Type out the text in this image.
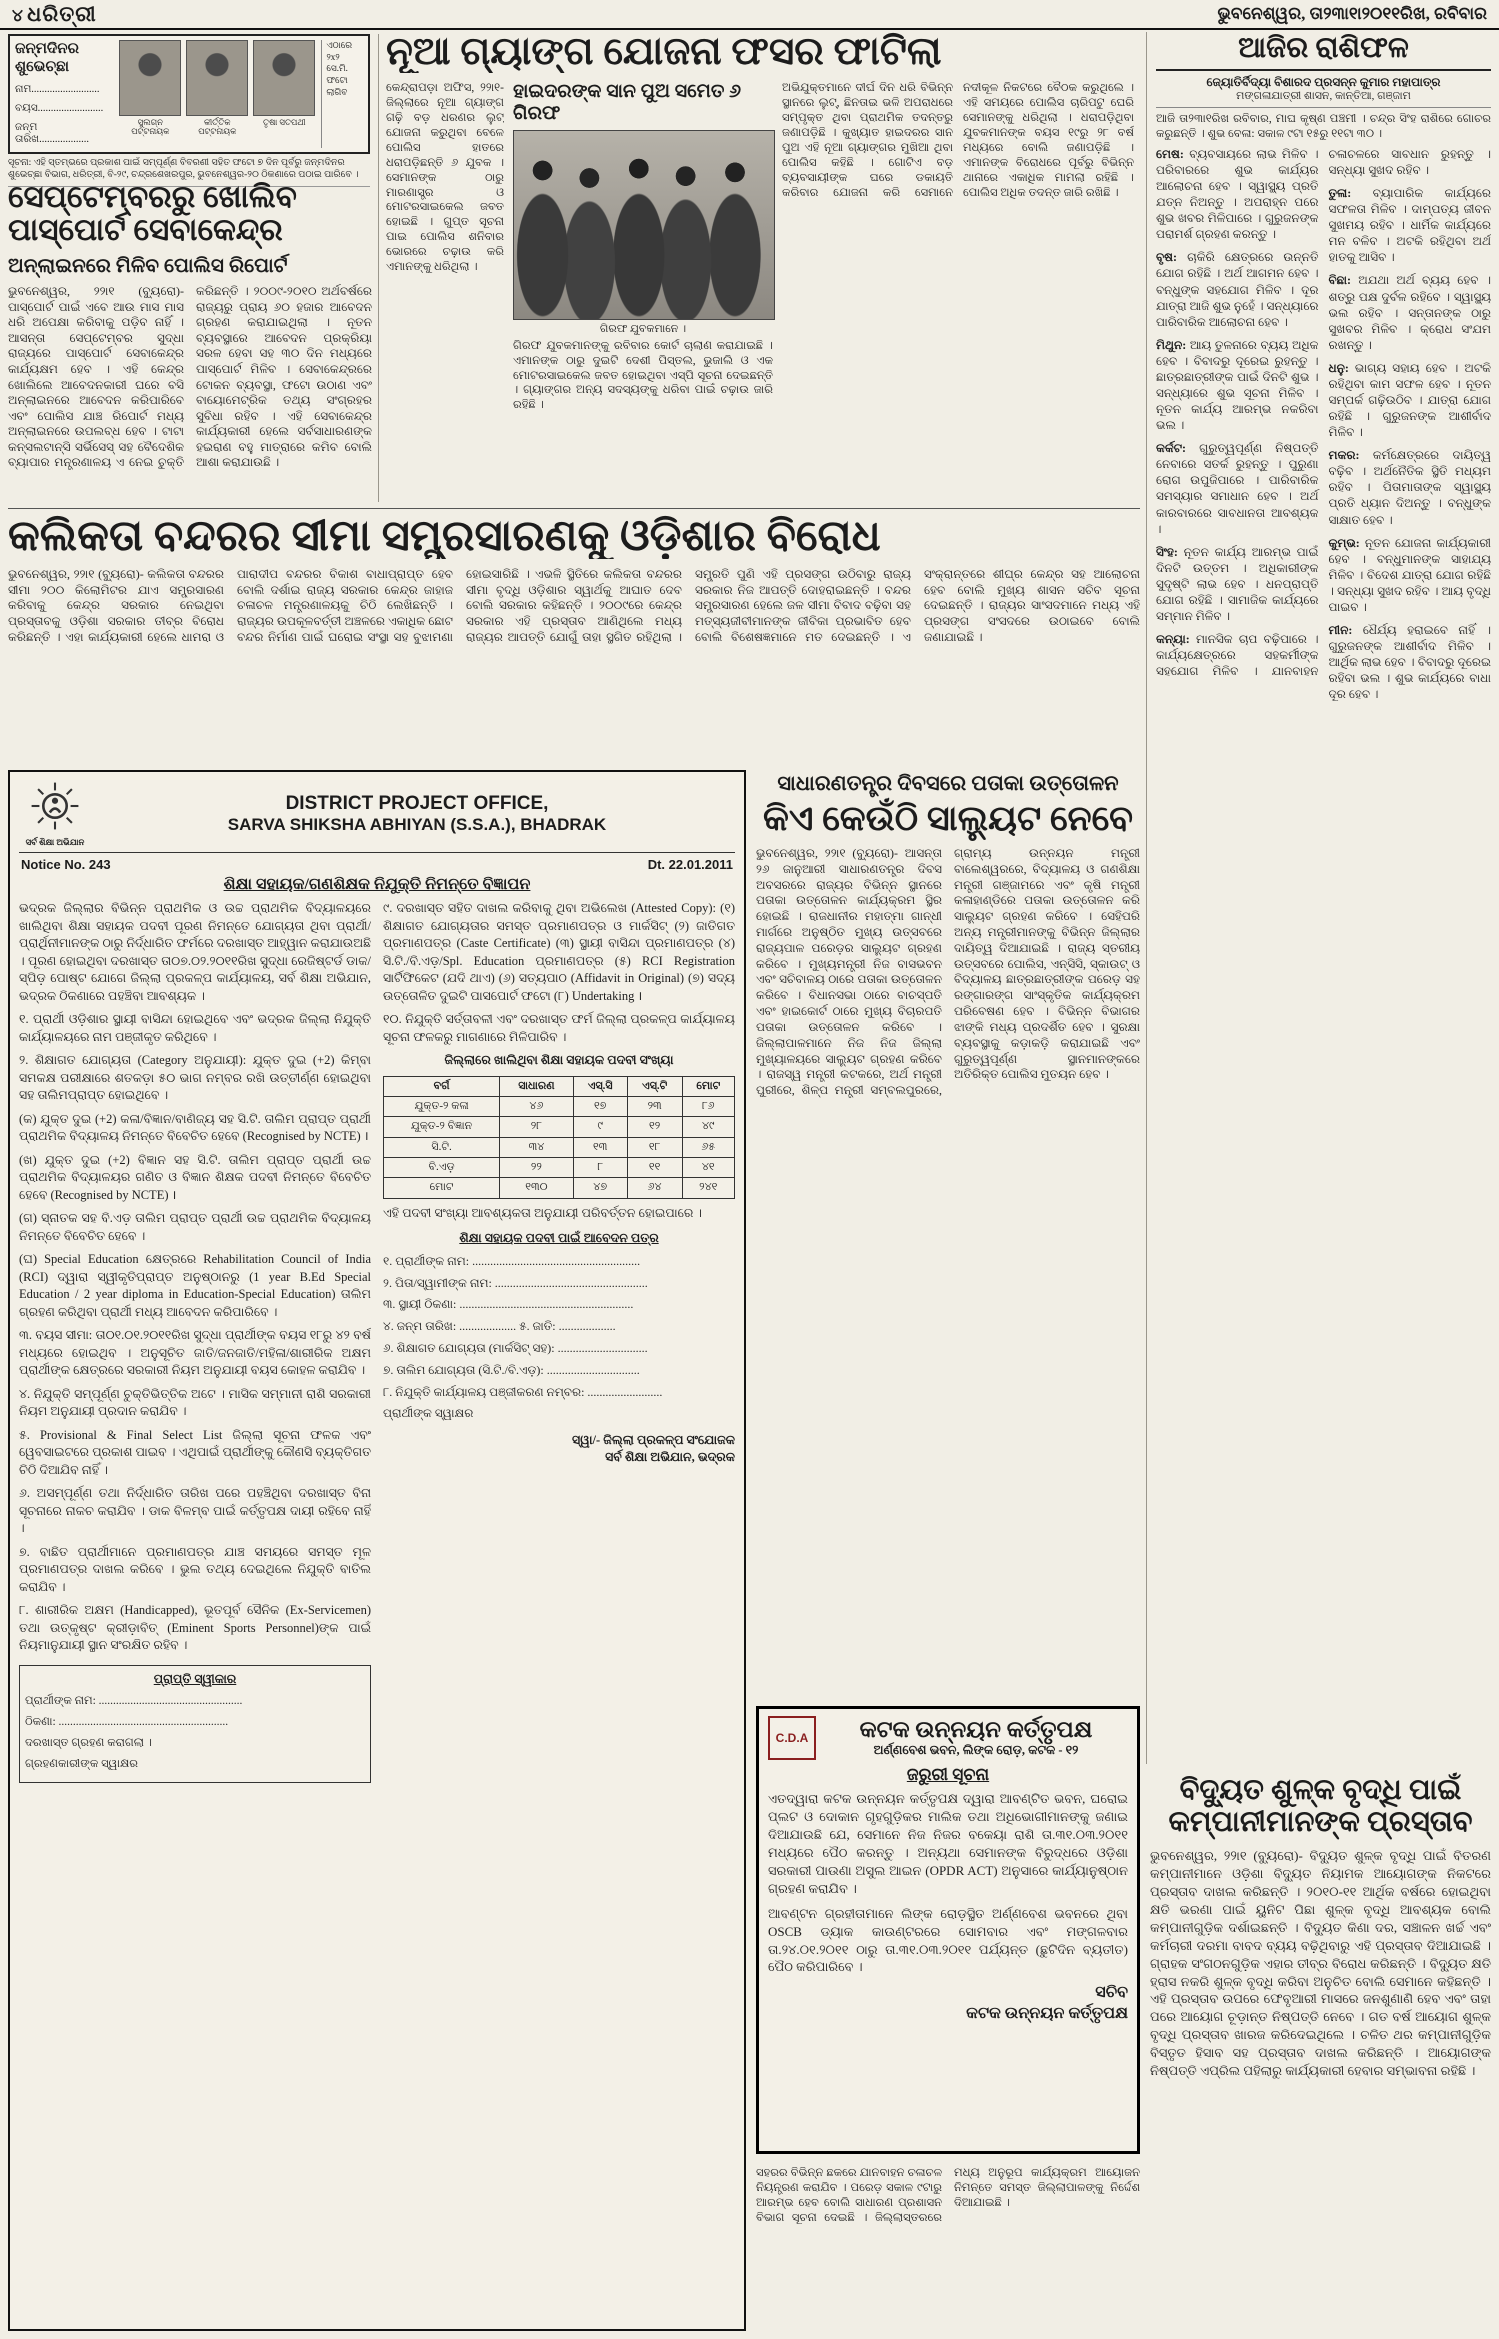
୪ ଧରିତ୍ରୀ	ଭୁବନେଶ୍ୱର, ତା୨୩ା୧ା୨୦୧୧ରିଖ, ରବିବାର
ଜନ୍ମଦିନର ଶୁଭେଚ୍ଛା
ନାମ..........................
ବୟସ.........................
ଜନ୍ମ ତାରିଖ...................
ସୁଲଗ୍ନ ପଟ୍ଟନାୟକ
କୀର୍ତ୍ତିକ ପଟ୍ଟନାୟକ
ତୃଷା ସତପଥୀ
ଏଠାରେ ୨x୨ ସେ.ମି. ଫଟୋ ଲାଗିବ
ସୂଚନା: ଏହି ସ୍ତମ୍ଭରେ ପ୍ରକାଶ ପାଇଁ ସମ୍ପୂର୍ଣ୍ଣ ବିବରଣୀ ସହିତ ଫଟୋ ୭ ଦିନ ପୂର୍ବରୁ ଜନ୍ମଦିନର ଶୁଭେଚ୍ଛା ବିଭାଗ, ଧରିତ୍ରୀ, ବି-୨୯, ଚନ୍ଦ୍ରଶେଖରପୁର, ଭୁବନେଶ୍ୱର-୨୦ ଠିକଣାରେ ପଠାଇ ପାରିବେ ।
ସେପ୍ଟେମ୍ବରରୁ ଖୋଲିବ ପାସ୍‌ପୋର୍ଟ ସେବାକେନ୍ଦ୍ର
ଅନ୍‌ଲାଇନରେ ମିଳିବ ପୋଲିସ ରିପୋର୍ଟ
ଭୁବନେଶ୍ୱର, ୨୨ା୧ (ବ୍ୟୁରୋ)- ପାସ୍‌ପୋର୍ଟ ପାଇଁ ଏବେ ଆଉ ମାସ ମାସ ଧରି ଅପେକ୍ଷା କରିବାକୁ ପଡ଼ିବ ନାହିଁ । ଆସନ୍ତା ସେପ୍ଟେମ୍ବର ସୁଦ୍ଧା ରାଜ୍ୟରେ ପାସ୍‌ପୋର୍ଟ ସେବାକେନ୍ଦ୍ର କାର୍ଯ୍ୟକ୍ଷମ ହେବ । ଏହି କେନ୍ଦ୍ର ଖୋଲିଲେ ଆବେଦନକାରୀ ଘରେ ବସି ଅନ୍‌ଲାଇନରେ ଆବେଦନ କରିପାରିବେ ଏବଂ ପୋଲିସ ଯାଞ୍ଚ ରିପୋର୍ଟ ମଧ୍ୟ ଅନ୍‌ଲାଇନରେ ଉପଲବ୍ଧ ହେବ । ଟାଟା କନ୍‌ସଲଟାନ୍ସି ସର୍ଭିସେସ୍ ସହ ବୈଦେଶିକ ବ୍ୟାପାର ମନ୍ତ୍ରଣାଳୟ ଏ ନେଇ ଚୁକ୍ତି କରିଛନ୍ତି । ୨୦୦୯-୨୦୧୦ ଅର୍ଥବର୍ଷରେ ରାଜ୍ୟରୁ ପ୍ରାୟ ୬୦ ହଜାର ଆବେଦନ ଗ୍ରହଣ କରାଯାଇଥିଲା । ନୂତନ ବ୍ୟବସ୍ଥାରେ ଆବେଦନ ପ୍ରକ୍ରିୟା ସରଳ ହେବା ସହ ୩୦ ଦିନ ମଧ୍ୟରେ ପାସ୍‌ପୋର୍ଟ ମିଳିବ । ସେବାକେନ୍ଦ୍ରରେ ଟୋକନ ବ୍ୟବସ୍ଥା, ଫଟୋ ଉଠାଣ ଏବଂ ବାୟୋମେଟ୍ରିକ ତଥ୍ୟ ସଂଗ୍ରହର ସୁବିଧା ରହିବ । ଏହି ସେବାକେନ୍ଦ୍ର କାର୍ଯ୍ୟକାରୀ ହେଲେ ସର୍ବସାଧାରଣଙ୍କ ହଇରାଣ ବହୁ ମାତ୍ରାରେ କମିବ ବୋଲି ଆଶା କରାଯାଉଛି ।
ନୂଆ ଗ୍ୟାଙ୍ଗ ଯୋଜନା ଫସର ଫାଟିଲା
କେନ୍ଦ୍ରାପଡ଼ା ଅଫିସ, ୨୨ା୧- ଜିଲ୍ଲାରେ ନୂଆ ଗ୍ୟାଙ୍ଗ ଗଢ଼ି ବଡ଼ ଧରଣର ଲୁଟ୍ ଯୋଜନା କରୁଥିବା ବେଳେ ପୋଲିସ ହାତରେ ଧରାପଡ଼ିଛନ୍ତି ୬ ଯୁବକ । ସେମାନଙ୍କ ଠାରୁ ମାରଣାସ୍ତ୍ର ଓ ମୋଟରସାଇକେଲ ଜବତ ହୋଇଛି । ଗୁପ୍ତ ସୂଚନା ପାଇ ପୋଲିସ ଶନିବାର ଭୋରରେ ଚଢ଼ାଉ କରି ଏମାନଙ୍କୁ ଧରିଥିଲା ।
ହାଇଦରଙ୍କ ସାନ ପୁଅ ସମେତ ୬ ଗିରଫ
ଗିରଫ ଯୁବକମାନେ ।
ଗିରଫ ଯୁବକମାନଙ୍କୁ ରବିବାର କୋର୍ଟ ଚାଲାଣ କରାଯାଇଛି । ଏମାନଙ୍କ ଠାରୁ ଦୁଇଟି ଦେଶୀ ପିସ୍ତଲ, ଭୁଜାଲି ଓ ଏକ ମୋଟରସାଇକେଲ ଜବତ ହୋଇଥିବା ଏସ୍‌ପି ସୂଚନା ଦେଇଛନ୍ତି । ଗ୍ୟାଙ୍ଗର ଅନ୍ୟ ସଦସ୍ୟଙ୍କୁ ଧରିବା ପାଇଁ ଚଢ଼ାଉ ଜାରି ରହିଛି ।
ଅଭିଯୁକ୍ତମାନେ ଦୀର୍ଘ ଦିନ ଧରି ବିଭିନ୍ନ ସ୍ଥାନରେ ଲୁଟ୍, ଛିନତାଇ ଭଳି ଅପରାଧରେ ସମ୍ପୃକ୍ତ ଥିବା ପ୍ରାଥମିକ ତଦନ୍ତରୁ ଜଣାପଡ଼ିଛି । କୁଖ୍ୟାତ ହାଇଦରର ସାନ ପୁଅ ଏହି ନୂଆ ଗ୍ୟାଙ୍ଗର ମୁଖିଆ ଥିବା ପୋଲିସ କହିଛି । ଗୋଟିଏ ବଡ଼ ବ୍ୟବସାୟୀଙ୍କ ଘରେ ଡକାୟତି କରିବାର ଯୋଜନା କରି ସେମାନେ ନଦୀକୂଳ ନିକଟରେ ବୈଠକ କରୁଥିଲେ । ଏହି ସମୟରେ ପୋଲିସ ଚାରିପଟୁ ଘେରି ସେମାନଙ୍କୁ ଧରିଥିଲା । ଧରାପଡ଼ିଥିବା ଯୁବକମାନଙ୍କ ବୟସ ୧୯ରୁ ୨୮ ବର୍ଷ ମଧ୍ୟରେ ବୋଲି ଜଣାପଡ଼ିଛି । ଏମାନଙ୍କ ବିରୋଧରେ ପୂର୍ବରୁ ବିଭିନ୍ନ ଥାନାରେ ଏକାଧିକ ମାମଲା ରହିଛି । ପୋଲିସ ଅଧିକ ତଦନ୍ତ ଜାରି ରଖିଛି ।
ଆଜିର ରାଶିଫଳ
ଜ୍ୟୋତିର୍ବିଦ୍ୟା ବିଶାରଦ ପ୍ରସନ୍ନ କୁମାର ମହାପାତ୍ର
ମଙ୍ଗଳାଯାତ୍ରୀ ଶାସନ, କାନ୍ତିଆ, ଗଞ୍ଜାମ
ଆଜି ତା୨୩ା୧ରିଖ ରବିବାର, ମାଘ କୃଷ୍ଣ ପଞ୍ଚମୀ । ଚନ୍ଦ୍ର ସିଂହ ରାଶିରେ ଗୋଚର କରୁଛନ୍ତି । ଶୁଭ ବେଳା: ସକାଳ ୯ଟା ୧୫ରୁ ୧୧ଟା ୩୦ ।

ମେଷ: ବ୍ୟବସାୟରେ ଲାଭ ମିଳିବ । ପରିବାରରେ ଶୁଭ କାର୍ଯ୍ୟର ଆଲୋଚନା ହେବ । ସ୍ୱାସ୍ଥ୍ୟ ପ୍ରତି ଯତ୍ନ ନିଅନ୍ତୁ । ଅପରାହ୍ନ ପରେ ଶୁଭ ଖବର ମିଳିପାରେ । ଗୁରୁଜନଙ୍କ ପରାମର୍ଶ ଗ୍ରହଣ କରନ୍ତୁ ।

ବୃଷ: ଚାକିରି କ୍ଷେତ୍ରରେ ଉନ୍ନତି ଯୋଗ ରହିଛି । ଅର୍ଥ ଆଗମନ ହେବ । ବନ୍ଧୁଙ୍କ ସହଯୋଗ ମିଳିବ । ଦୂର ଯାତ୍ରା ଆଜି ଶୁଭ ନୁହେଁ । ସନ୍ଧ୍ୟାରେ ପାରିବାରିକ ଆଲୋଚନା ହେବ ।

ମିଥୁନ: ଆୟ ତୁଳନାରେ ବ୍ୟୟ ଅଧିକ ହେବ । ବିବାଦରୁ ଦୂରେଇ ରୁହନ୍ତୁ । ଛାତ୍ରଛାତ୍ରୀଙ୍କ ପାଇଁ ଦିନଟି ଶୁଭ । ସନ୍ଧ୍ୟାରେ ଶୁଭ ସୂଚନା ମିଳିବ । ନୂତନ କାର୍ଯ୍ୟ ଆରମ୍ଭ ନକରିବା ଭଲ ।

କର୍କଟ: ଗୁରୁତ୍ୱପୂର୍ଣ୍ଣ ନିଷ୍ପତ୍ତି ନେବାରେ ସତର୍କ ରୁହନ୍ତୁ । ପୁରୁଣା ରୋଗ ଉପୁଜିପାରେ । ପାରିବାରିକ ସମସ୍ୟାର ସମାଧାନ ହେବ । ଅର୍ଥ କାରବାରରେ ସାବଧାନତା ଆବଶ୍ୟକ ।

ସିଂହ: ନୂତନ କାର୍ଯ୍ୟ ଆରମ୍ଭ ପାଇଁ ଦିନଟି ଉତ୍ତମ । ଅଧିକାରୀଙ୍କ ସୁଦୃଷ୍ଟି ଲାଭ ହେବ । ଧନପ୍ରାପ୍ତି ଯୋଗ ରହିଛି । ସାମାଜିକ କାର୍ଯ୍ୟରେ ସମ୍ମାନ ମିଳିବ ।

କନ୍ୟା: ମାନସିକ ଚାପ ବଢ଼ିପାରେ । କାର୍ଯ୍ୟକ୍ଷେତ୍ରରେ ସହକର୍ମୀଙ୍କ ସହଯୋଗ ମିଳିବ । ଯାନବାହନ ଚଳାଚଳରେ ସାବଧାନ ରୁହନ୍ତୁ । ସନ୍ଧ୍ୟା ସୁଖଦ ରହିବ ।

ତୁଳା: ବ୍ୟାପାରିକ କାର୍ଯ୍ୟରେ ସଫଳତା ମିଳିବ । ଦାମ୍ପତ୍ୟ ଜୀବନ ସୁଖମୟ ରହିବ । ଧାର୍ମିକ କାର୍ଯ୍ୟରେ ମନ ବଳିବ । ଅଟକି ରହିଥିବା ଅର୍ଥ ହାତକୁ ଆସିବ ।

ବିଛା: ଅଯଥା ଅର୍ଥ ବ୍ୟୟ ହେବ । ଶତ୍ରୁ ପକ୍ଷ ଦୁର୍ବଳ ରହିବେ । ସ୍ୱାସ୍ଥ୍ୟ ଭଲ ରହିବ । ସନ୍ତାନଙ୍କ ଠାରୁ ସୁଖବର ମିଳିବ । କ୍ରୋଧ ସଂଯମ ରଖନ୍ତୁ ।

ଧନୁ: ଭାଗ୍ୟ ସହାୟ ହେବ । ଅଟକି ରହିଥିବା କାମ ସଫଳ ହେବ । ନୂତନ ସମ୍ପର୍କ ଗଢ଼ିଉଠିବ । ଯାତ୍ରା ଯୋଗ ରହିଛି । ଗୁରୁଜନଙ୍କ ଆଶୀର୍ବାଦ ମିଳିବ ।

ମକର: କର୍ମକ୍ଷେତ୍ରରେ ଦାୟିତ୍ୱ ବଢ଼ିବ । ଅର୍ଥନୈତିକ ସ୍ଥିତି ମଧ୍ୟମ ରହିବ । ପିତାମାତାଙ୍କ ସ୍ୱାସ୍ଥ୍ୟ ପ୍ରତି ଧ୍ୟାନ ଦିଅନ୍ତୁ । ବନ୍ଧୁଙ୍କ ସାକ୍ଷାତ ହେବ ।

କୁମ୍ଭ: ନୂତନ ଯୋଜନା କାର୍ଯ୍ୟକାରୀ ହେବ । ବନ୍ଧୁମାନଙ୍କ ସାହାଯ୍ୟ ମିଳିବ । ବିଦେଶ ଯାତ୍ରା ଯୋଗ ରହିଛି । ସନ୍ଧ୍ୟା ସୁଖଦ ରହିବ । ଆୟ ବୃଦ୍ଧି ପାଇବ ।

ମୀନ: ଧୈର୍ଯ୍ୟ ହରାଇବେ ନାହିଁ । ଗୁରୁଜନଙ୍କ ଆଶୀର୍ବାଦ ମିଳିବ । ଆର୍ଥିକ ଲାଭ ହେବ । ବିବାଦରୁ ଦୂରେଇ ରହିବା ଭଲ । ଶୁଭ କାର୍ଯ୍ୟରେ ବାଧା ଦୂର ହେବ ।

କଲିକତା ବନ୍ଦରର ସୀମା ସମ୍ପ୍ରସାରଣକୁ ଓଡ଼ିଶାର ବିରୋଧ
ଭୁବନେଶ୍ୱର, ୨୨ା୧ (ବ୍ୟୁରୋ)- କଲିକତା ବନ୍ଦରର ସୀମା ୨୦୦ କିଲୋମିଟର ଯାଏ ସମ୍ପ୍ରସାରଣ କରିବାକୁ କେନ୍ଦ୍ର ସରକାର ନେଇଥିବା ପ୍ରସ୍ତାବକୁ ଓଡ଼ିଶା ସରକାର ତୀବ୍ର ବିରୋଧ କରିଛନ୍ତି । ଏହା କାର୍ଯ୍ୟକାରୀ ହେଲେ ଧାମରା ଓ ପାରାଦୀପ ବନ୍ଦରର ବିକାଶ ବାଧାପ୍ରାପ୍ତ ହେବ ବୋଲି ଦର୍ଶାଇ ରାଜ୍ୟ ସରକାର କେନ୍ଦ୍ର ଜାହାଜ ଚଳାଚଳ ମନ୍ତ୍ରଣାଳୟକୁ ଚିଠି ଲେଖିଛନ୍ତି । ରାଜ୍ୟର ଉପକୂଳବର୍ତ୍ତୀ ଅଞ୍ଚଳରେ ଏକାଧିକ ଛୋଟ ବନ୍ଦର ନିର୍ମାଣ ପାଇଁ ଘରୋଇ ସଂସ୍ଥା ସହ ବୁଝାମଣା ହୋଇସାରିଛି । ଏଭଳି ସ୍ଥିତିରେ କଲିକତା ବନ୍ଦରର ସୀମା ବୃଦ୍ଧି ଓଡ଼ିଶାର ସ୍ୱାର୍ଥକୁ ଆଘାତ ଦେବ ବୋଲି ସରକାର କହିଛନ୍ତି । ୨୦୦୯ରେ କେନ୍ଦ୍ର ସରକାର ଏହି ପ୍ରସ୍ତାବ ଆଣିଥିଲେ ମଧ୍ୟ ରାଜ୍ୟର ଆପତ୍ତି ଯୋଗୁଁ ତାହା ସ୍ଥଗିତ ରହିଥିଲା । ସମ୍ପ୍ରତି ପୁଣି ଏହି ପ୍ରସଙ୍ଗ ଉଠିବାରୁ ରାଜ୍ୟ ସରକାର ନିଜ ଆପତ୍ତି ଦୋହରାଇଛନ୍ତି । ବନ୍ଦର ସମ୍ପ୍ରସାରଣ ହେଲେ ଜଳ ସୀମା ବିବାଦ ବଢ଼ିବା ସହ ମତ୍ସ୍ୟଜୀବୀମାନଙ୍କ ଜୀବିକା ପ୍ରଭାବିତ ହେବ ବୋଲି ବିଶେଷଜ୍ଞମାନେ ମତ ଦେଇଛନ୍ତି । ଏ ସଂକ୍ରାନ୍ତରେ ଶୀଘ୍ର କେନ୍ଦ୍ର ସହ ଆଲୋଚନା ହେବ ବୋଲି ମୁଖ୍ୟ ଶାସନ ସଚିବ ସୂଚନା ଦେଇଛନ୍ତି । ରାଜ୍ୟର ସାଂସଦମାନେ ମଧ୍ୟ ଏହି ପ୍ରସଙ୍ଗ ସଂସଦରେ ଉଠାଇବେ ବୋଲି ଜଣାଯାଇଛି ।
ସର୍ବ ଶିକ୍ଷା ଅଭିଯାନ
DISTRICT PROJECT OFFICE,
SARVA SHIKSHA ABHIYAN (S.S.A.), BHADRAK
Notice No. 243	Dt. 22.01.2011
ଶିକ୍ଷା ସହାୟକ/ଗଣଶିକ୍ଷକ ନିଯୁକ୍ତି ନିମନ୍ତେ ବିଜ୍ଞାପନ

ଭଦ୍ରକ ଜିଲ୍ଲାର ବିଭିନ୍ନ ପ୍ରାଥମିକ ଓ ଉଚ୍ଚ ପ୍ରାଥମିକ ବିଦ୍ୟାଳୟରେ ଖାଲିଥିବା ଶିକ୍ଷା ସହାୟକ ପଦବୀ ପୂରଣ ନିମନ୍ତେ ଯୋଗ୍ୟତା ଥିବା ପ୍ରାର୍ଥୀ/ପ୍ରାର୍ଥିନୀମାନଙ୍କ ଠାରୁ ନିର୍ଦ୍ଧାରିତ ଫର୍ମରେ ଦରଖାସ୍ତ ଆହ୍ୱାନ କରାଯାଉଅଛି । ପୂରଣ ହୋଇଥିବା ଦରଖାସ୍ତ ତା୦୭.୦୨.୨୦୧୧ରିଖ ସୁଦ୍ଧା ରେଜିଷ୍ଟର୍ଡ ଡାକ/ସ୍ପିଡ଼ ପୋଷ୍ଟ ଯୋଗେ ଜିଲ୍ଲା ପ୍ରକଳ୍ପ କାର୍ଯ୍ୟାଳୟ, ସର୍ବ ଶିକ୍ଷା ଅଭିଯାନ, ଭଦ୍ରକ ଠିକଣାରେ ପହଞ୍ଚିବା ଆବଶ୍ୟକ ।

୧. ପ୍ରାର୍ଥୀ ଓଡ଼ିଶାର ସ୍ଥାୟୀ ବାସିନ୍ଦା ହୋଇଥିବେ ଏବଂ ଭଦ୍ରକ ଜିଲ୍ଲା ନିଯୁକ୍ତି କାର୍ଯ୍ୟାଳୟରେ ନାମ ପଞ୍ଜୀକୃତ କରିଥିବେ ।

୨. ଶିକ୍ଷାଗତ ଯୋଗ୍ୟତା (Category ଅନୁଯାୟୀ): ଯୁକ୍ତ ଦୁଇ (+2) କିମ୍ବା ସମକକ୍ଷ ପରୀକ୍ଷାରେ ଶତକଡ଼ା ୫୦ ଭାଗ ନମ୍ବର ରଖି ଉତ୍ତୀର୍ଣ୍ଣ ହୋଇଥିବା ସହ ତାଲିମପ୍ରାପ୍ତ ହୋଇଥିବେ ।

(କ) ଯୁକ୍ତ ଦୁଇ (+2) କଳା/ବିଜ୍ଞାନ/ବାଣିଜ୍ୟ ସହ ସି.ଟି. ତାଲିମ ପ୍ରାପ୍ତ ପ୍ରାର୍ଥୀ ପ୍ରାଥମିକ ବିଦ୍ୟାଳୟ ନିମନ୍ତେ ବିବେଚିତ ହେବେ (Recognised by NCTE) ।

(ଖ) ଯୁକ୍ତ ଦୁଇ (+2) ବିଜ୍ଞାନ ସହ ସି.ଟି. ତାଲିମ ପ୍ରାପ୍ତ ପ୍ରାର୍ଥୀ ଉଚ୍ଚ ପ୍ରାଥମିକ ବିଦ୍ୟାଳୟର ଗଣିତ ଓ ବିଜ୍ଞାନ ଶିକ୍ଷକ ପଦବୀ ନିମନ୍ତେ ବିବେଚିତ ହେବେ (Recognised by NCTE) ।

(ଗ) ସ୍ନାତକ ସହ ବି.ଏଡ଼ ତାଲିମ ପ୍ରାପ୍ତ ପ୍ରାର୍ଥୀ ଉଚ୍ଚ ପ୍ରାଥମିକ ବିଦ୍ୟାଳୟ ନିମନ୍ତେ ବିବେଚିତ ହେବେ ।

(ଘ) Special Education କ୍ଷେତ୍ରରେ Rehabilitation Council of India (RCI) ଦ୍ୱାରା ସ୍ୱୀକୃତିପ୍ରାପ୍ତ ଅନୁଷ୍ଠାନରୁ (1 year B.Ed Special Education / 2 year diploma in Education-Special Education) ତାଲିମ ଗ୍ରହଣ କରିଥିବା ପ୍ରାର୍ଥୀ ମଧ୍ୟ ଆବେଦନ କରିପାରିବେ ।

୩. ବୟସ ସୀମା: ତା୦୧.୦୧.୨୦୧୧ରିଖ ସୁଦ୍ଧା ପ୍ରାର୍ଥୀଙ୍କ ବୟସ ୧୮ରୁ ୪୨ ବର୍ଷ ମଧ୍ୟରେ ହୋଇଥିବ । ଅନୁସୂଚିତ ଜାତି/ଜନଜାତି/ମହିଳା/ଶାରୀରିକ ଅକ୍ଷମ ପ୍ରାର୍ଥୀଙ୍କ କ୍ଷେତ୍ରରେ ସରକାରୀ ନିୟମ ଅନୁଯାୟୀ ବୟସ କୋହଳ କରାଯିବ ।

୪. ନିଯୁକ୍ତି ସମ୍ପୂର୍ଣ୍ଣ ଚୁକ୍ତିଭିତ୍ତିକ ଅଟେ । ମାସିକ ସମ୍ମାନୀ ରାଶି ସରକାରୀ ନିୟମ ଅନୁଯାୟୀ ପ୍ରଦାନ କରାଯିବ ।

୫. Provisional & Final Select List ଜିଲ୍ଲା ସୂଚନା ଫଳକ ଏବଂ ୱେବସାଇଟରେ ପ୍ରକାଶ ପାଇବ । ଏଥିପାଇଁ ପ୍ରାର୍ଥୀଙ୍କୁ କୌଣସି ବ୍ୟକ୍ତିଗତ ଚିଠି ଦିଆଯିବ ନାହିଁ ।

୬. ଅସମ୍ପୂର୍ଣ୍ଣ ତଥା ନିର୍ଦ୍ଧାରିତ ତାରିଖ ପରେ ପହଞ୍ଚିଥିବା ଦରଖାସ୍ତ ବିନା ସୂଚନାରେ ନାକଚ କରାଯିବ । ଡାକ ବିଳମ୍ବ ପାଇଁ କର୍ତ୍ତୃପକ୍ଷ ଦାୟୀ ରହିବେ ନାହିଁ ।

୭. ବାଛିତ ପ୍ରାର୍ଥୀମାନେ ପ୍ରମାଣପତ୍ର ଯାଞ୍ଚ ସମୟରେ ସମସ୍ତ ମୂଳ ପ୍ରମାଣପତ୍ର ଦାଖଲ କରିବେ । ଭୁଲ ତଥ୍ୟ ଦେଇଥିଲେ ନିଯୁକ୍ତି ବାତିଲ କରାଯିବ ।

୮. ଶାରୀରିକ ଅକ୍ଷମ (Handicapped), ଭୂତପୂର୍ବ ସୈନିକ (Ex-Servicemen) ତଥା ଉତ୍କୃଷ୍ଟ କ୍ରୀଡ଼ାବିତ୍ (Eminent Sports Personnel)ଙ୍କ ପାଇଁ ନିୟମାନୁଯାୟୀ ସ୍ଥାନ ସଂରକ୍ଷିତ ରହିବ ।

ପ୍ରାପ୍ତି ସ୍ୱୀକାର
ପ୍ରାର୍ଥୀଙ୍କ ନାମ: ..................................................
ଠିକଣା: ...........................................................
ଦରଖାସ୍ତ ଗ୍ରହଣ କରାଗଲା ।
ଗ୍ରହଣକାରୀଙ୍କ ସ୍ୱାକ୍ଷର

୯. ଦରଖାସ୍ତ ସହିତ ଦାଖଲ କରିବାକୁ ଥିବା ଅଭିଲେଖ (Attested Copy): (୧) ଶିକ୍ଷାଗତ ଯୋଗ୍ୟତାର ସମସ୍ତ ପ୍ରମାଣପତ୍ର ଓ ମାର୍କସିଟ୍ (୨) ଜାତିଗତ ପ୍ରମାଣପତ୍ର (Caste Certificate) (୩) ସ୍ଥାୟୀ ବାସିନ୍ଦା ପ୍ରମାଣପତ୍ର (୪) ସି.ଟି./ବି.ଏଡ଼/Spl. Education ପ୍ରମାଣପତ୍ର (୫) RCI Registration ସାର୍ଟିଫିକେଟ (ଯଦି ଥାଏ) (୬) ସତ୍ୟପାଠ (Affidavit in Original) (୭) ସଦ୍ୟ ଉତ୍ତୋଳିତ ଦୁଇଟି ପାସପୋର୍ଟ ଫଟୋ (୮) Undertaking ।

୧୦. ନିଯୁକ୍ତି ସର୍ତ୍ତାବଳୀ ଏବଂ ଦରଖାସ୍ତ ଫର୍ମ ଜିଲ୍ଲା ପ୍ରକଳ୍ପ କାର୍ଯ୍ୟାଳୟ ସୂଚନା ଫଳକରୁ ମାଗଣାରେ ମିଳିପାରିବ ।

ଜିଲ୍ଲାରେ ଖାଲିଥିବା ଶିକ୍ଷା ସହାୟକ ପଦବୀ ସଂଖ୍ୟା
ବର୍ଗ	ସାଧାରଣ	ଏସ୍.ସି	ଏସ୍.ଟି	ମୋଟ
ଯୁକ୍ତ-୨ କଳା	୪୬	୧୭	୨୩	୮୬
ଯୁକ୍ତ-୨ ବିଜ୍ଞାନ	୨୮	୯	୧୨	୪୯
ସି.ଟି.	୩୪	୧୩	୧୮	୬୫
ବି.ଏଡ଼	୨୨	୮	୧୧	୪୧
ମୋଟ	୧୩୦	୪୭	୬୪	୨୪୧

ଏହି ପଦବୀ ସଂଖ୍ୟା ଆବଶ୍ୟକତା ଅନୁଯାୟୀ ପରିବର୍ତ୍ତନ ହୋଇପାରେ ।

ଶିକ୍ଷା ସହାୟକ ପଦବୀ ପାଇଁ ଆବେଦନ ପତ୍ର
୧. ପ୍ରାର୍ଥୀଙ୍କ ନାମ: ........................................................
୨. ପିତା/ସ୍ୱାମୀଙ୍କ ନାମ: ...................................................
୩. ସ୍ଥାୟୀ ଠିକଣା: ..........................................................
୪. ଜନ୍ମ ତାରିଖ: ................... ୫. ଜାତି: ...................
୬. ଶିକ୍ଷାଗତ ଯୋଗ୍ୟତା (ମାର୍କସିଟ୍ ସହ): ..............................
୭. ତାଲିମ ଯୋଗ୍ୟତା (ସି.ଟି./ବି.ଏଡ଼): ...............................
୮. ନିଯୁକ୍ତି କାର୍ଯ୍ୟାଳୟ ପଞ୍ଜୀକରଣ ନମ୍ବର: .........................
ପ୍ରାର୍ଥୀଙ୍କ ସ୍ୱାକ୍ଷର
ସ୍ୱା/- ଜିଲ୍ଲା ପ୍ରକଳ୍ପ ସଂଯୋଜକ
ସର୍ବ ଶିକ୍ଷା ଅଭିଯାନ, ଭଦ୍ରକ
ସାଧାରଣତନ୍ତ୍ର ଦିବସରେ ପତାକା ଉତ୍ତୋଳନ
କିଏ କେଉଁଠି ସାଲ୍ୟୁଟ ନେବେ
ଭୁବନେଶ୍ୱର, ୨୨ା୧ (ବ୍ୟୁରୋ)- ଆସନ୍ତା ୨୬ ଜାନୁଆରୀ ସାଧାରଣତନ୍ତ୍ର ଦିବସ ଅବସରରେ ରାଜ୍ୟର ବିଭିନ୍ନ ସ୍ଥାନରେ ପତାକା ଉତ୍ତୋଳନ କାର୍ଯ୍ୟକ୍ରମ ସ୍ଥିର ହୋଇଛି । ରାଜଧାନୀର ମହାତ୍ମା ଗାନ୍ଧୀ ମାର୍ଗରେ ଅନୁଷ୍ଠିତ ମୁଖ୍ୟ ଉତ୍ସବରେ ରାଜ୍ୟପାଳ ପରେଡ଼ର ସାଲ୍ୟୁଟ ଗ୍ରହଣ କରିବେ । ମୁଖ୍ୟମନ୍ତ୍ରୀ ନିଜ ବାସଭବନ ଏବଂ ସଚିବାଳୟ ଠାରେ ପତାକା ଉତ୍ତୋଳନ କରିବେ । ବିଧାନସଭା ଠାରେ ବାଚସ୍ପତି ଏବଂ ହାଇକୋର୍ଟ ଠାରେ ମୁଖ୍ୟ ବିଚାରପତି ପତାକା ଉତ୍ତୋଳନ କରିବେ । ଜିଲ୍ଲାପାଳମାନେ ନିଜ ନିଜ ଜିଲ୍ଲା ମୁଖ୍ୟାଳୟରେ ସାଲ୍ୟୁଟ ଗ୍ରହଣ କରିବେ । ରାଜସ୍ୱ ମନ୍ତ୍ରୀ କଟକରେ, ଅର୍ଥ ମନ୍ତ୍ରୀ ପୁରୀରେ, ଶିଳ୍ପ ମନ୍ତ୍ରୀ ସମ୍ବଲପୁରରେ, ଗ୍ରାମ୍ୟ ଉନ୍ନୟନ ମନ୍ତ୍ରୀ ବାଲେଶ୍ୱରରେ, ବିଦ୍ୟାଳୟ ଓ ଗଣଶିକ୍ଷା ମନ୍ତ୍ରୀ ଗଞ୍ଜାମରେ ଏବଂ କୃଷି ମନ୍ତ୍ରୀ କଳାହାଣ୍ଡିରେ ପତାକା ଉତ୍ତୋଳନ କରି ସାଲ୍ୟୁଟ ଗ୍ରହଣ କରିବେ । ସେହିପରି ଅନ୍ୟ ମନ୍ତ୍ରୀମାନଙ୍କୁ ବିଭିନ୍ନ ଜିଲ୍ଲାର ଦାୟିତ୍ୱ ଦିଆଯାଇଛି । ରାଜ୍ୟ ସ୍ତରୀୟ ଉତ୍ସବରେ ପୋଲିସ, ଏନ୍‌ସିସି, ସ୍କାଉଟ୍ ଓ ବିଦ୍ୟାଳୟ ଛାତ୍ରଛାତ୍ରୀଙ୍କ ପରେଡ଼ ସହ ରଙ୍ଗାରଙ୍ଗ ସାଂସ୍କୃତିକ କାର୍ଯ୍ୟକ୍ରମ ପରିବେଷଣ ହେବ । ବିଭିନ୍ନ ବିଭାଗର ଝାଙ୍କି ମଧ୍ୟ ପ୍ରଦର୍ଶିତ ହେବ । ସୁରକ୍ଷା ବ୍ୟବସ୍ଥାକୁ କଡ଼ାକଡ଼ି କରାଯାଇଛି ଏବଂ ଗୁରୁତ୍ୱପୂର୍ଣ୍ଣ ସ୍ଥାନମାନଙ୍କରେ ଅତିରିକ୍ତ ପୋଲିସ ମୁତୟନ ହେବ ।
C.D.A	କଟକ ଉନ୍ନୟନ କର୍ତ୍ତୃପକ୍ଷ
ଅର୍ଣ୍ଣବେଶ ଭବନ, ଲିଙ୍କ ରୋଡ଼, କଟକ - ୧୨
ଜରୁରୀ ସୂଚନା

ଏତଦ୍ୱାରା କଟକ ଉନ୍ନୟନ କର୍ତ୍ତୃପକ୍ଷ ଦ୍ୱାରା ଆବଣ୍ଟିତ ଭବନ, ଘରୋଇ ପ୍ଲଟ ଓ ଦୋକାନ ଗୃହଗୁଡ଼ିକର ମାଲିକ ତଥା ଅଧିଭୋଗୀମାନଙ୍କୁ ଜଣାଇ ଦିଆଯାଉଛି ଯେ, ସେମାନେ ନିଜ ନିଜର ବକେୟା ରାଶି ତା.୩୧.୦୩.୨୦୧୧ ମଧ୍ୟରେ ପୈଠ କରନ୍ତୁ । ଅନ୍ୟଥା ସେମାନଙ୍କ ବିରୁଦ୍ଧରେ ଓଡ଼ିଶା ସରକାରୀ ପାଉଣା ଅସୁଲ ଆଇନ (OPDR ACT) ଅନୁସାରେ କାର୍ଯ୍ୟାନୁଷ୍ଠାନ ଗ୍ରହଣ କରାଯିବ ।

ଆବଣ୍ଟନ ଗ୍ରହୀତାମାନେ ଲିଙ୍କ ରୋଡ଼ସ୍ଥିତ ଅର୍ଣ୍ଣବେଶ ଭବନରେ ଥିବା OSCB ଡ୍ୟାକ କାଉଣ୍ଟରରେ ସୋମବାର ଏବଂ ମଙ୍ଗଳବାର ତା.୨୪.୦୧.୨୦୧୧ ଠାରୁ ତା.୩୧.୦୩.୨୦୧୧ ପର୍ଯ୍ୟନ୍ତ (ଛୁଟିଦିନ ବ୍ୟତୀତ) ପୈଠ କରିପାରିବେ ।

ସଚିବ
କଟକ ଉନ୍ନୟନ କର୍ତ୍ତୃପକ୍ଷ
ସହରର ବିଭିନ୍ନ ଛକରେ ଯାନବାହନ ଚଳାଚଳ ନିୟନ୍ତ୍ରଣ କରାଯିବ । ପରେଡ଼ ସକାଳ ୯ଟାରୁ ଆରମ୍ଭ ହେବ ବୋଲି ସାଧାରଣ ପ୍ରଶାସନ ବିଭାଗ ସୂଚନା ଦେଇଛି । ଜିଲ୍ଲାସ୍ତରରେ ମଧ୍ୟ ଅନୁରୂପ କାର୍ଯ୍ୟକ୍ରମ ଆୟୋଜନ ନିମନ୍ତେ ସମସ୍ତ ଜିଲ୍ଲାପାଳଙ୍କୁ ନିର୍ଦ୍ଦେଶ ଦିଆଯାଇଛି ।
ବିଦ୍ୟୁତ ଶୁଳ୍କ ବୃଦ୍ଧି ପାଇଁ କମ୍ପାନୀମାନଙ୍କ ପ୍ରସ୍ତାବ
ଭୁବନେଶ୍ୱର, ୨୨ା୧ (ବ୍ୟୁରୋ)- ବିଦ୍ୟୁତ ଶୁଳ୍କ ବୃଦ୍ଧି ପାଇଁ ବିତରଣ କମ୍ପାନୀମାନେ ଓଡ଼ିଶା ବିଦ୍ୟୁତ ନିୟାମକ ଆୟୋଗଙ୍କ ନିକଟରେ ପ୍ରସ୍ତାବ ଦାଖଲ କରିଛନ୍ତି । ୨୦୧୦-୧୧ ଆର୍ଥିକ ବର୍ଷରେ ହୋଇଥିବା କ୍ଷତି ଭରଣା ପାଇଁ ୟୁନିଟ ପିଛା ଶୁଳ୍କ ବୃଦ୍ଧି ଆବଶ୍ୟକ ବୋଲି କମ୍ପାନୀଗୁଡ଼ିକ ଦର୍ଶାଇଛନ୍ତି । ବିଦ୍ୟୁତ କିଣା ଦର, ସଞ୍ଚାଳନ ଖର୍ଚ୍ଚ ଏବଂ କର୍ମଚାରୀ ଦରମା ବାବଦ ବ୍ୟୟ ବଢ଼ିଥିବାରୁ ଏହି ପ୍ରସ୍ତାବ ଦିଆଯାଇଛି । ଗ୍ରାହକ ସଂଗଠନଗୁଡ଼ିକ ଏହାର ତୀବ୍ର ବିରୋଧ କରିଛନ୍ତି । ବିଦ୍ୟୁତ କ୍ଷତି ହ୍ରାସ ନକରି ଶୁଳ୍କ ବୃଦ୍ଧି କରିବା ଅନୁଚିତ ବୋଲି ସେମାନେ କହିଛନ୍ତି । ଏହି ପ୍ରସ୍ତାବ ଉପରେ ଫେବୃଆରୀ ମାସରେ ଜନଶୁଣାଣି ହେବ ଏବଂ ତାହା ପରେ ଆୟୋଗ ଚୂଡ଼ାନ୍ତ ନିଷ୍ପତ୍ତି ନେବେ । ଗତ ବର୍ଷ ଆୟୋଗ ଶୁଳ୍କ ବୃଦ୍ଧି ପ୍ରସ୍ତାବ ଖାରଜ କରିଦେଇଥିଲେ । ଚଳିତ ଥର କମ୍ପାନୀଗୁଡ଼ିକ ବିସ୍ତୃତ ହିସାବ ସହ ପ୍ରସ୍ତାବ ଦାଖଲ କରିଛନ୍ତି । ଆୟୋଗଙ୍କ ନିଷ୍ପତ୍ତି ଏପ୍ରିଲ ପହିଲାରୁ କାର୍ଯ୍ୟକାରୀ ହେବାର ସମ୍ଭାବନା ରହିଛି ।
